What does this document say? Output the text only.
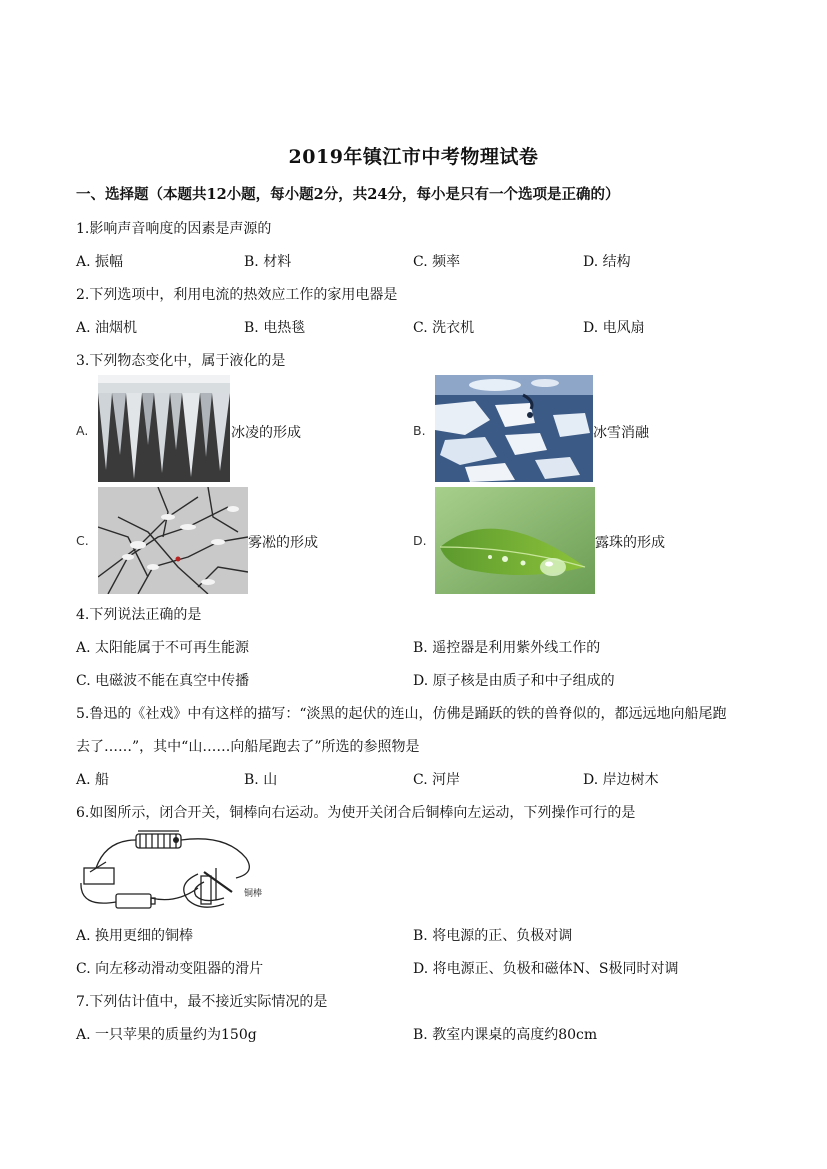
2019年镇江市中考物理试卷
一、选择题（本题共12小题，每小题2分，共24分，每小是只有一个选项是正确的）
1.影响声音响度的因素是声源的
A. 振幅	B. 材料	C. 频率	D. 结构
2.下列选项中，利用电流的热效应工作的家用电器是
A. 油烟机	B. 电热毯	C. 洗衣机	D. 电风扇
3.下列物态变化中，属于液化的是
A.	冰凌的形成	B.	冰雪消融
C.	雾凇的形成	D.	露珠的形成
4.下列说法正确的是
A. 太阳能属于不可再生能源	B. 遥控器是利用紫外线工作的
C. 电磁波不能在真空中传播	D. 原子核是由质子和中子组成的
5.鲁迅的《社戏》中有这样的描写：“淡黑的起伏的连山，仿佛是踊跃的铁的兽脊似的，都远远地向船尾跑
去了……”，其中“山……向船尾跑去了”所选的参照物是
A. 船	B. 山	C. 河岸	D. 岸边树木
6.如图所示，闭合开关，铜棒向右运动。为使开关闭合后铜棒向左运动，下列操作可行的是
铜棒
A. 换用更细的铜棒	B. 将电源的正、负极对调
C. 向左移动滑动变阻器的滑片	D. 将电源正、负极和磁体N、S极同时对调
7.下列估计值中，最不接近实际情况的是
A. 一只苹果的质量约为150g	B. 教室内课桌的高度约80cm
